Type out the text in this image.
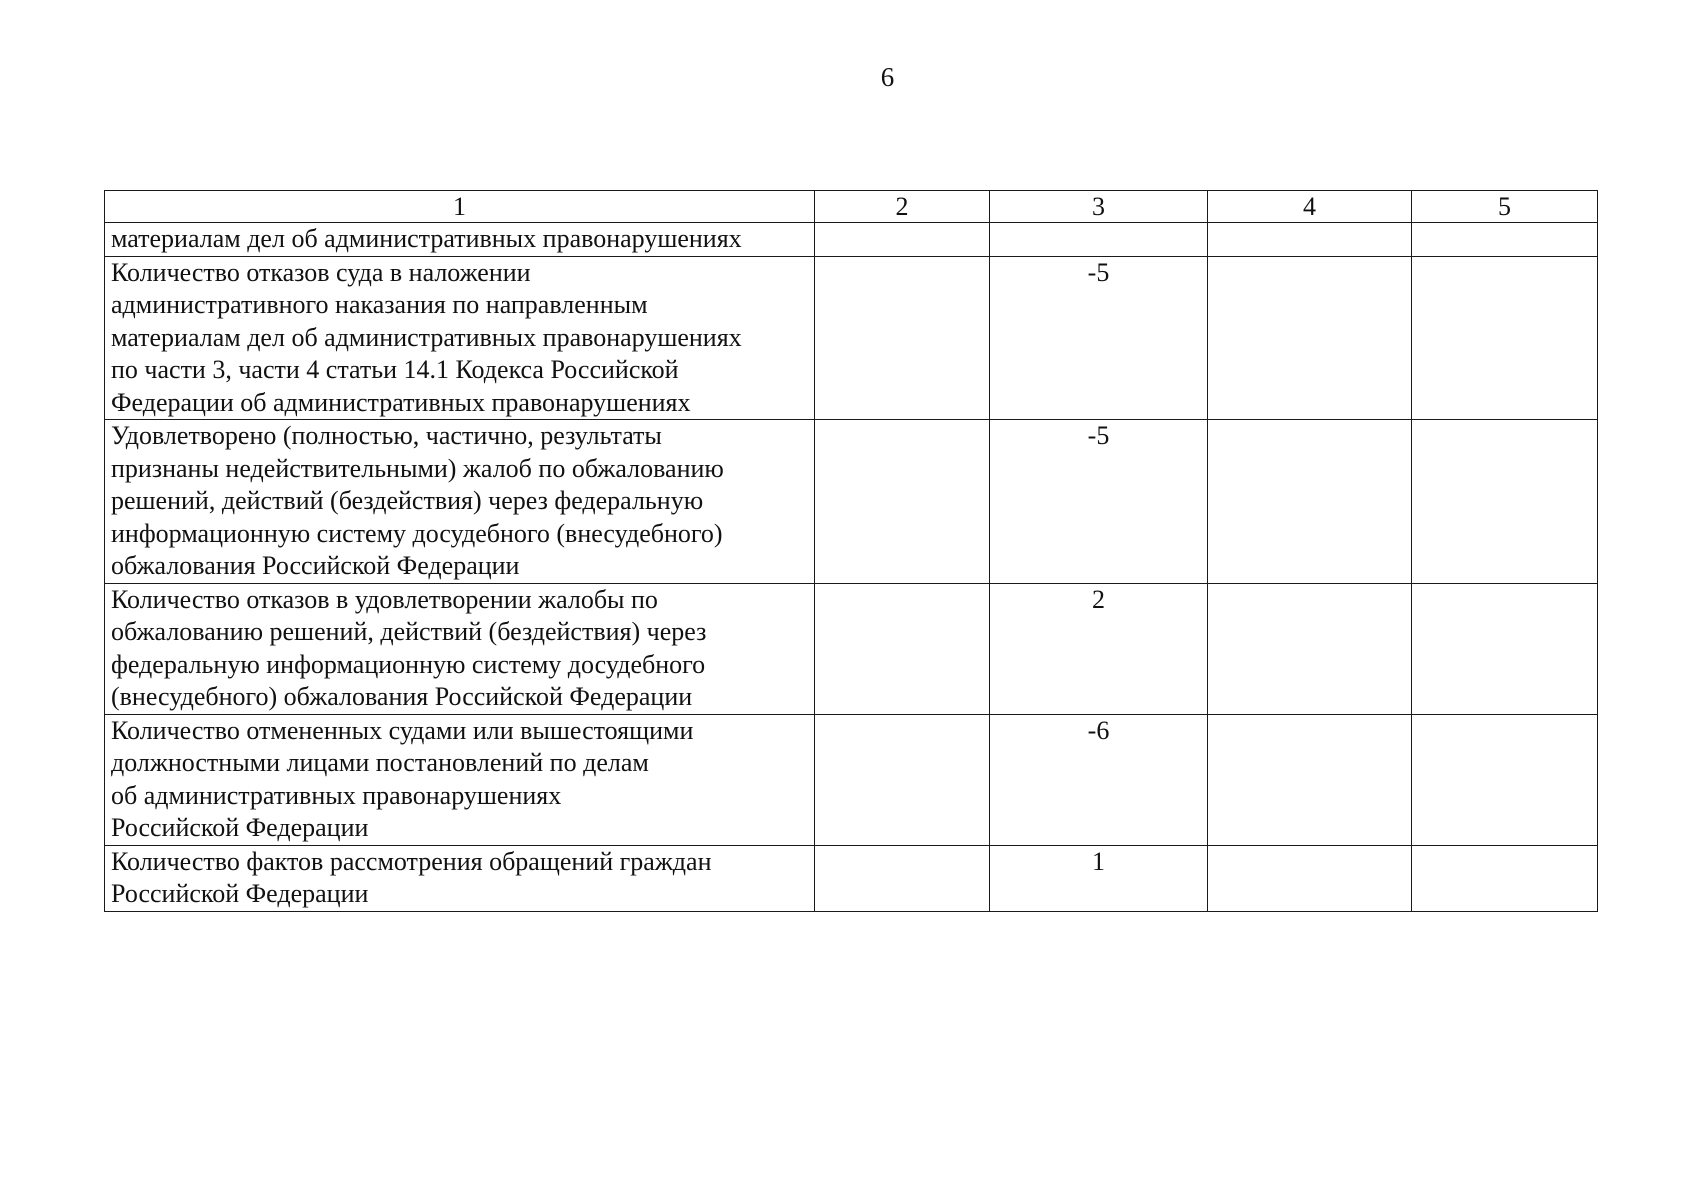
6
1	2	3	4	5
материалам дел об административных правонарушениях				
Количество отказов суда в наложении
административного наказания по направленным
материалам дел об административных правонарушениях
по части 3, части 4 статьи 14.1 Кодекса Российской
Федерации об административных правонарушениях		-5		
Удовлетворено (полностью, частично, результаты
признаны недействительными) жалоб по обжалованию
решений, действий (бездействия) через федеральную
информационную систему досудебного (внесудебного)
обжалования Российской Федерации		-5		
Количество отказов в удовлетворении жалобы по
обжалованию решений, действий (бездействия) через
федеральную информационную систему досудебного
(внесудебного) обжалования Российской Федерации		2		
Количество отмененных судами или вышестоящими
должностными лицами постановлений по делам
об административных правонарушениях
Российской Федерации		-6		
Количество фактов рассмотрения обращений граждан
Российской Федерации		1		
